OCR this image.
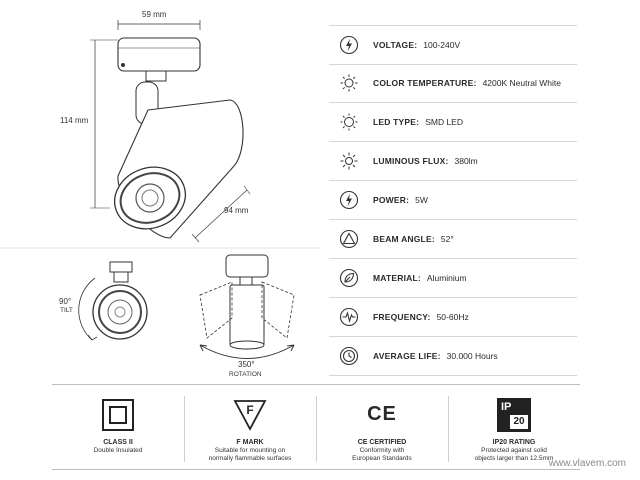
59 mm
114 mm
94 mm
90°
TILT
350°
ROTATION
VOLTAGE: 100-240V
COLOR TEMPERATURE: 4200K Neutral White
LED TYPE: SMD LED
LUMINOUS FLUX: 380lm
POWER: 5W
BEAM ANGLE: 52°
MATERIAL: Aluminium
FREQUENCY: 50-60Hz
AVERAGE LIFE: 30.000 Hours
CLASS II
Double Insulated
F
F MARK
Suitable for mounting on
normally flammable surfaces
CE
CE CERTIFIED
Conformity with
European Standards
IP
20
IP20 RATING
Protected against solid
objects larger than 12.5mm
www.vlavem.com
